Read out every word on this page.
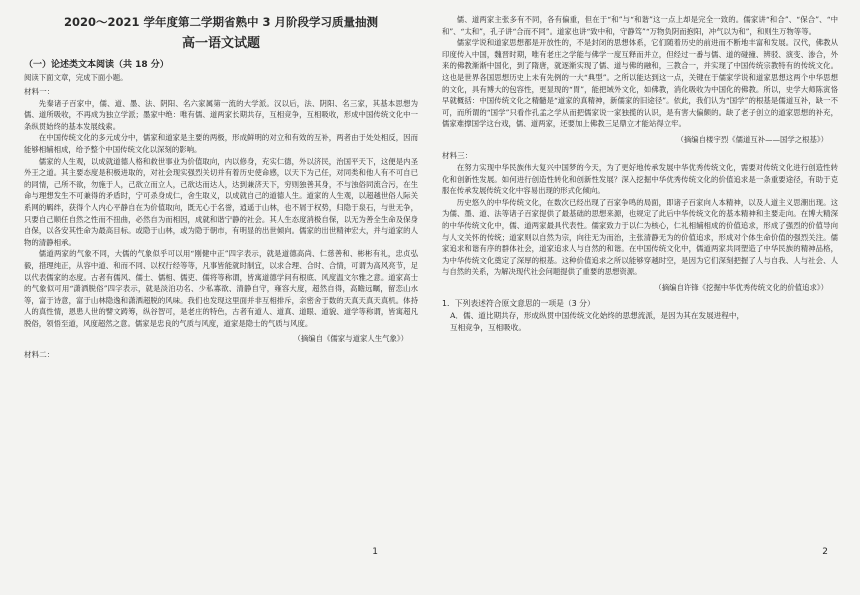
2020～2021 学年度第二学期省熟中 3 月阶段学习质量抽测

高一语文试题

（一）论述类文本阅读（共 18 分）

阅读下面文章，完成下面小题。

材料一：

先秦诸子百家中，儒、道、墨、法、阴阳、名六家属第一流的大学派。汉以后，法、阴阳、名三家，其基本思想为儒、道所吸收，不再成为独立学派；墨家中绝：唯有儒、道两家长期共存，互相竞争，互相吸收，形成中国传统文化中一条纵贯始终的基本发展线索。

在中国传统文化的多元成分中，儒家和道家是主要的两极，形成鲜明的对立和有效的互补，两者由于处处相反，因而能够相辅相成，给予整个中国传统文化以深刻的影响。

儒家的人生观，以成就道德人格和救世事业为价值取向，内以修身，充实仁德，外以济民，治国平天下，这便是内圣外王之道。其主要态度是积极进取的，对社会现实强烈关切并有着历史使命感，以天下为己任，对同类和他人有不可自已的同情，己所不欲，勿施于人，己欲立而立人，己欲达而达人，达到兼济天下，穷则独善其身，不与浊俗同流合污，在生命与理想发生不可兼得的矛盾时，宁可杀身成仁，舍生取义，以成就自己的道德人生。道家的人生观，以超越世俗人际关系网的羁绊，获得个人内心平静自在为价值取向，既无心于名誉，逍遥于山林，也不屑于权势，归隐于泉石，与世无争，只要自己顺任自然之性而不扭曲，必然自为而相因，成就和谐宁静的社会。其人生态度消极自保，以无为善全生命及保身自保，以各安其性命为最高目标。或隐于山林，或为隐于朝市，有明显的出世倾向。儒家的出世精神宏大，并与道家的人物的清静相承。

儒道两家的气象不同，大儒的气象似乎可以用“刚健中正”四字表示，就是道德高尚、仁慈善和、彬彬有礼，忠贞弘毅，措理纯正，从容中道、和而不同、以权行经等等，凡事皆能就时制宜，以求合理、合时、合情，可谓为高风亮节，足以代表儒家的态度。古者有儒风、儒士、儒相、儒吏、儒将等称谓，皆寓道德学问有根底、风度温文尔雅之意。道家高士的气象似可用“潇洒脱俗”四字表示，就是淡泊功名、少私寡欲、清静自守，雍容大度，超然自得，高瞻远瞩，留恋山水等，富于诗意，富于山林隐逸和潇洒超脱的风味。我们也发现这里面并非互相排斥，亲密舍于数的天真天真天真机。体持人的真性情，恩患人世的譬文踌筹，纵谷智可，是老庄的特色，古者有道人、道真、道眼、道貌、道学等称谓，皆寓超凡脱俗，领悟至道，风度超然之意。儒家是忠良的气质与风度，道家是隐士的气质与风度。

（摘编自《儒家与道家人生气象》）

材料二：

1

儒、道两家主张多有不同，各有偏重，但在于“和”与“和谐”这一点上却是完全一致的。儒家讲“和合”、“保合”、“中和”、“太和”，孔子讲“合而不同”。道家也讲“致中和，守静笃”“万物负阴而抱阳，冲气以为和”，和则生万物等等。

儒家学说和道家思想都是开放性的，不是封闭的思想体系，它们随着历史的前进而不断地丰富和发展。汉代，佛教从印度传入中国，魏晋时期，唯有老庄之学能与佛学一度互释而并立，但经过一番与儒、道的碰撞、辨驳、演变、渗合，外来的佛教渐渐中国化，到了隋唐，就逐渐实现了儒、道与佛的融和，三教合一，并实现了中国传统宗教特有的传统文化。这也是世界各国思想历史上未有先例的一大“典型”。之所以能达到这一点，关键在于儒家学说和道家思想这两个中华思想的文化，具有博大的包容性，更显现的“胃”，能把域外文化，如佛教，消化吸收为中国化的佛教。所以，史学大师陈寅恪早就概括：中国传统文化之精髓是“道家的真精神，新儒家的旧途径”。依此，我们认为“国学”的根基是儒道互补，缺一不可，而所谓的“国学”只看作孔孟之学从而把儒家说一家独揽的认识，是有害大偏颇的。缺了老子创立的道家思想的补充，儒家难撑国学这台戏，儒、道两家，还要加上佛教三足鼎立才能站得立牢。

（摘编自楼宇烈《儒道互补——国学之根基》）

材料三：

在努力实现中华民族伟大复兴中国梦的今天，为了更好地传承发展中华优秀传统文化，需要对传统文化进行创造性转化和创新性发展。如何进行创造性转化和创新性发展？深入挖掘中华优秀传统文化的价值追求是一条重要途径，有助于克服在传承发展传统文化中容易出现的形式化倾向。

历史悠久的中华传统文化，在数次已经出现了百家争鸣的局面，即诸子百家向人本精神，以及人道主义思潮出现。这为儒、墨、道、法等诸子百家提供了最基础的思想来源，也规定了此后中华传统文化的基本精神和主要走向。在博大精深的中华传统文化中，儒、道两家最具代表性。儒家致力于以仁为核心，仁礼相辅相成的价值追求，形成了强烈的价值导向与人文关怀的传统；道家则以自然为宗，向往无为而治，主张清静无为的价值追求，形成对个体生命价值的强烈关注。儒家追求和谐有序的群体社会，道家追求人与自然的和谐。在中国传统文化中，儒道两家共同塑造了中华民族的精神品格，为中华传统文化奠定了深厚的根基。这种价值追求之所以能够穿越时空，是因为它们深刻把握了人与自我、人与社会、人与自然的关系，为解决现代社会问题提供了重要的思想资源。

（摘编自许锋《挖掘中华优秀传统文化的价值追求》）

1．下列表述符合原文意思的一项是（3 分）

A．儒、道比期共存，形成纵贯中国传统文化始终的思想流派，是因为其在发展进程中，

互相竞争，互相吸收。

2
